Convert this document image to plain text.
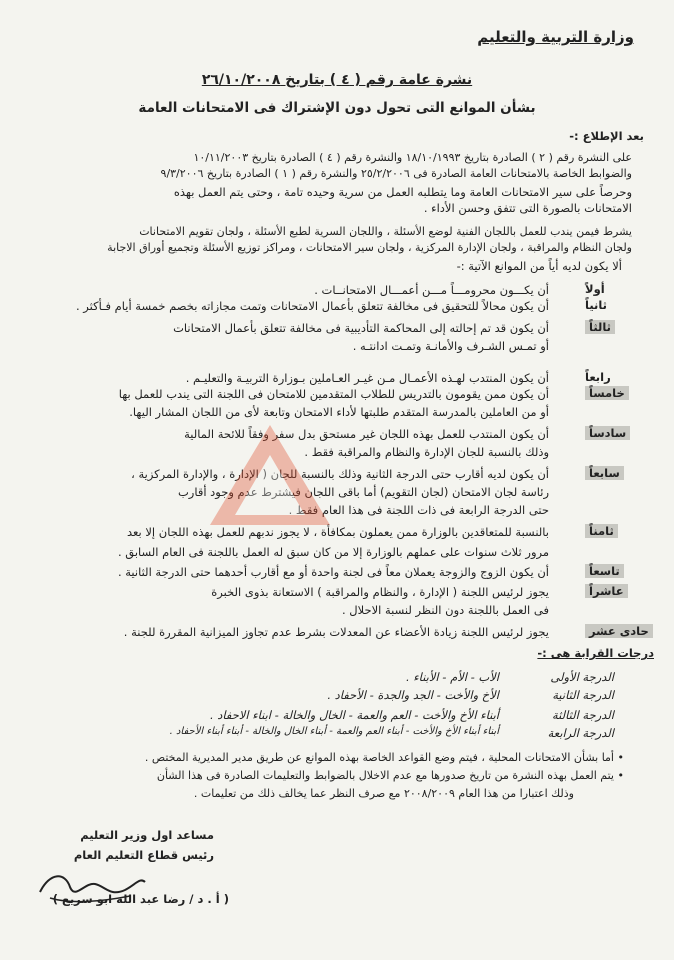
وزارة التربية والتعليم
نشرة عامة رقم ( ٤ ) بتاريخ ٢٦/١٠/٢٠٠٨
بشأن الموانع التى تحول دون الإشتراك فى الامتحانات العامة
بعد الإطلاع :-
على النشرة رقم ( ٢ ) الصادرة بتاريخ ١٨/١٠/١٩٩٣ والنشرة رقم ( ٤ ) الصادرة بتاريخ ١٠/١١/٢٠٠٣
والضوابط الخاصة بالامتحانات العامة الصادرة فى ٢٥/٢/٢٠٠٦ والنشرة رقم ( ١ ) الصادرة بتاريخ ٩/٣/٢٠٠٦
وحرصاً على سير الامتحانات العامة وما يتطلبه العمل من سرية وحيده تامة ، وحتى يتم العمل بهذه
الامتحانات بالصورة التى تتفق وحسن الأداء .
يشرط فيمن يندب للعمل باللجان الفنية لوضع الأسئلة ، واللجان السرية لطبع الأسئلة ، ولجان تقويم الامتحانات
ولجان النظام والمراقبة ، ولجان الإدارة المركزية ، ولجان سير الامتحانات ، ومراكز توزيع الأسئلة وتجميع أوراق الاجابة
ألا يكون لديه أياً من الموانع الآتية :-
أولاً
أن يكـــون محرومـــاً مـــن أعمـــال الامتحانــات .
ثانياً
أن يكون محالاً للتحقيق فى مخالفة تتعلق بأعمال الامتحانات وتمت مجازاته بخصم خمسة أيام فـأكثر .
ثالثاً
أن يكون قد تم إحالته إلى المحاكمة التأديبية فى مخالفة تتعلق بأعمال الامتحانات
أو تمـس الشـرف والأمانـة وتمـت ادانتـه .
رابعاً
أن يكون المنتدب لهـذه الأعمـال مـن غيـر العـاملين بـوزارة التربيـة والتعليـم .
خامساً
أن يكون ممن يقومون بالتدريس للطلاب المتقدمين للامتحان فى اللجنة التى يندب للعمل بها
أو من العاملين بالمدرسة المتقدم طلبتها لأداء الامتحان وتابعة لأى من اللجان المشار اليها.
سادساً
أن يكون المنتدب للعمل بهذه اللجان غير مستحق بدل سفر وفقاً للائحة المالية
وذلك بالنسبة للجان الإدارة والنظام والمراقبة فقط .
سابعاً
أن يكون لديه أقارب حتى الدرجة الثانية وذلك بالنسبة للجان ( الإدارة ، والإدارة المركزية ،
رئاسة لجان الامتحان (لجان التقويم) أما باقى اللجان فيشترط عدم وجود أقارب
حتى الدرجة الرابعة فى ذات اللجنة فى هذا العام فقط .
ثامناً
بالنسبة للمتعاقدين بالوزارة ممن يعملون بمكافأة ، لا يجوز ندبهم للعمل بهذه اللجان إلا بعد
مرور ثلاث سنوات على عملهم بالوزارة إلا من كان سبق له العمل باللجنة فى العام السابق .
تاسعاً
أن يكون الزوج والزوجة يعملان معاً فى لجنة واحدة أو مع أقارب أحدهما حتى الدرجة الثانية .
عاشراً
يجوز لرئيس اللجنة ( الإدارة ، والنظام والمراقبة ) الاستعانة بذوى الخبرة
فى العمل باللجنة دون النظر لنسبة الاحلال .
حادى عشر
يجوز لرئيس اللجنة زيادة الأعضاء عن المعدلات بشرط عدم تجاوز الميزانية المقررة للجنة .
درجات القرابة هى :-
الدرجة الأولى
الأب - الأم - الأبناء .
الدرجة الثانية
الأخ والأخت - الجد والجدة - الأحفاد .
الدرجة الثالثة
أبناء الأخ والأخت - العم والعمة - الخال والخالة - ابناء الاحفاد .
الدرجة الرابعة
أبناء أبناء الأخ والأخت - أبناء العم والعمة - أبناء الخال والخالة - أبناء أبناء الأحفاد .
• أما بشأن الامتحانات المحلية ، فيتم وضع القواعد الخاصة بهذه الموانع عن طريق مدير المديرية المختص .
• يتم العمل بهذه النشرة من تاريخ صدورها مع عدم الاخلال بالضوابط والتعليمات الصادرة فى هذا الشأن
وذلك اعتبارا من هذا العام ٢٠٠٨/٢٠٠٩ مع صرف النظر عما يخالف ذلك من تعليمات .
مساعد اول وزير التعليم
رئيس قطاع التعليم العام
( أ . د / رضا عبد الله ابو سريع )
